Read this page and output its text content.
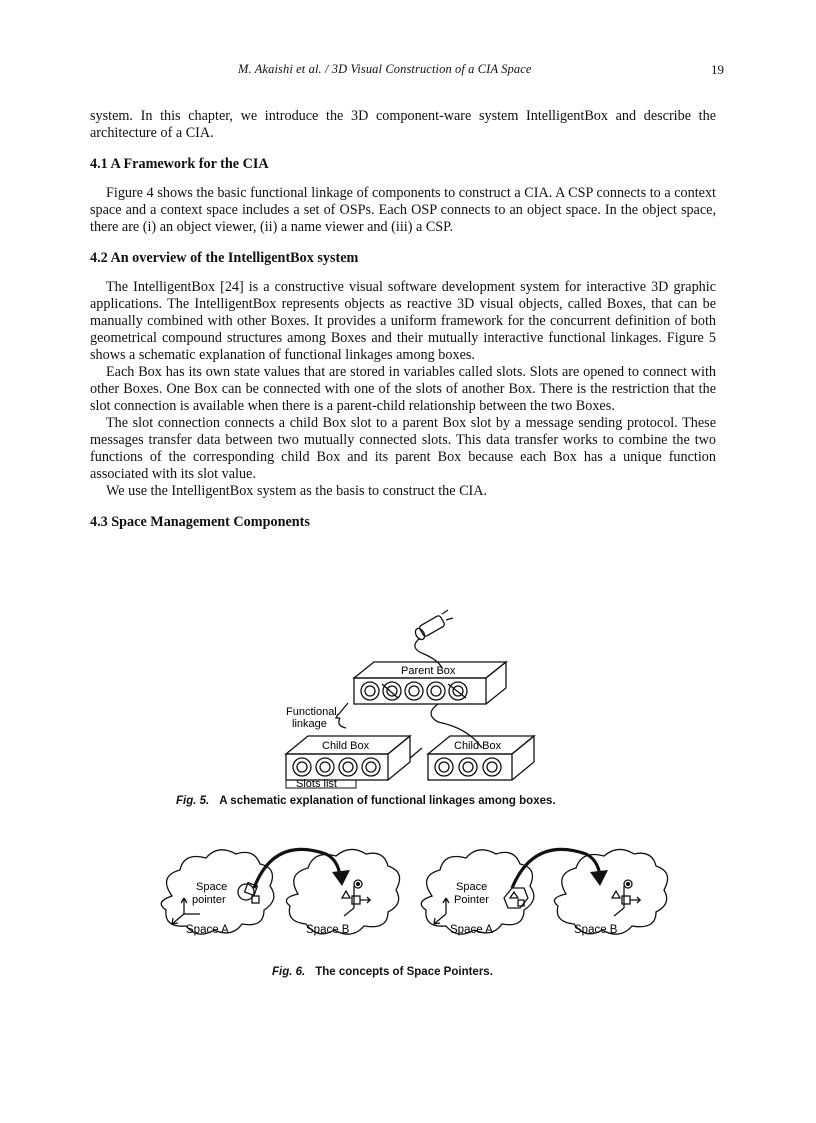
M. Akaishi et al. / 3D Visual Construction of a CIA Space	19

system. In this chapter, we introduce the 3D component-ware system IntelligentBox and describe the architecture of a CIA.

4.1 A Framework for the CIA

Figure 4 shows the basic functional linkage of components to construct a CIA. A CSP connects to a context space and a context space includes a set of OSPs. Each OSP connects to an object space. In the object space, there are (i) an object viewer, (ii) a name viewer and (iii) a CSP.

4.2 An overview of the IntelligentBox system

The IntelligentBox [24] is a constructive visual software development system for interactive 3D graphic applications. The IntelligentBox represents objects as reactive 3D visual objects, called Boxes, that can be manually combined with other Boxes. It provides a uniform framework for the concurrent definition of both geometrical compound structures among Boxes and their mutually interactive functional linkages. Figure 5 shows a schematic explanation of functional linkages among boxes.

Each Box has its own state values that are stored in variables called slots. Slots are opened to connect with other Boxes. One Box can be connected with one of the slots of another Box. There is the restriction that the slot connection is available when there is a parent-child relationship between the two Boxes.

The slot connection connects a child Box slot to a parent Box slot by a message sending protocol. These messages transfer data between two mutually connected slots. This data transfer works to combine the two functions of the corresponding child Box and its parent Box because each Box has a unique function associated with its slot value.

We use the IntelligentBox system as the basis to construct the CIA.

4.3 Space Management Components
Parent Box
Functional
linkage
Child Box	Child Box
Slots list
Fig. 5. A schematic explanation of functional linkages among boxes.
Space
pointer
Space A	Space B
Space
Pointer
Space A	Space B
Fig. 6. The concepts of Space Pointers.
